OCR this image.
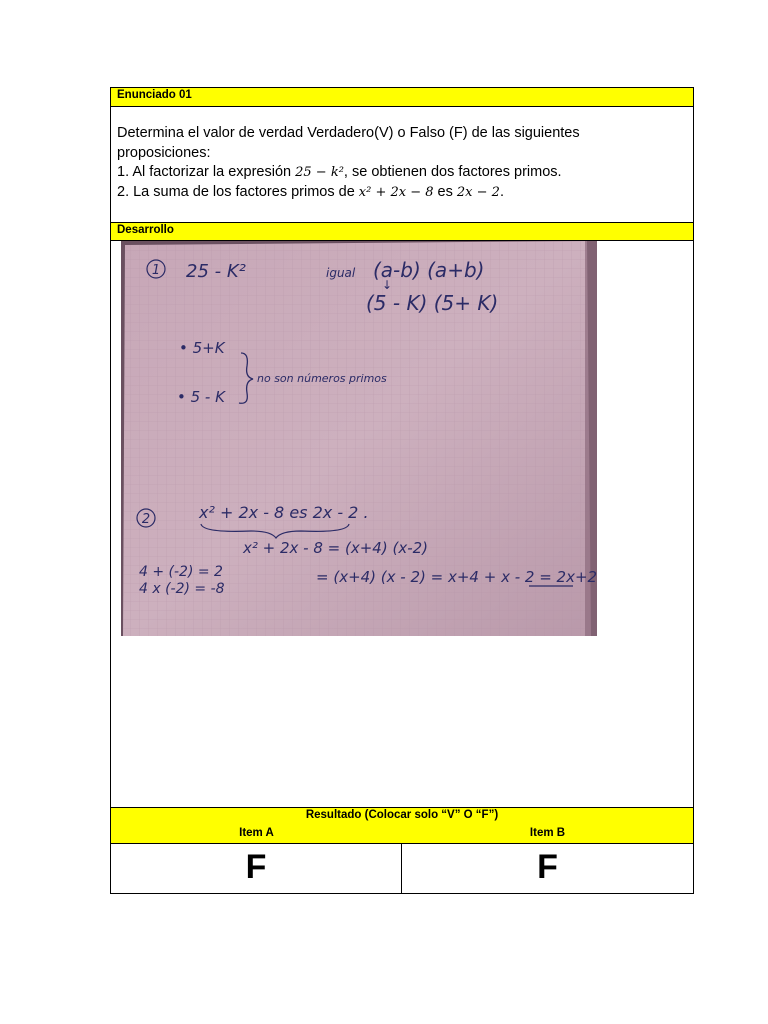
Enunciado 01
Determina el valor de verdad Verdadero(V) o Falso (F) de las siguientes
proposiciones:
1. Al factorizar la expresión 25 − k², se obtienen dos factores primos.
2. La suma de los factores primos de x² + 2x − 8 es 2x − 2.
Desarrollo
1 25 - K²	igual (a-b) (a+b)
↓
(5 - K) (5+ K)
• 5+K
• 5 - K
no son números primos
2	x² + 2x - 8 es 2x - 2 .
x² + 2x - 8 = (x+4) (x-2)
4 + (-2) = 2
4 x (-2) = -8
= (x+4) (x - 2) = x+4 + x - 2 = 2x+2
Resultado (Colocar solo “V” O “F”)
Item A	Item B
F	F
